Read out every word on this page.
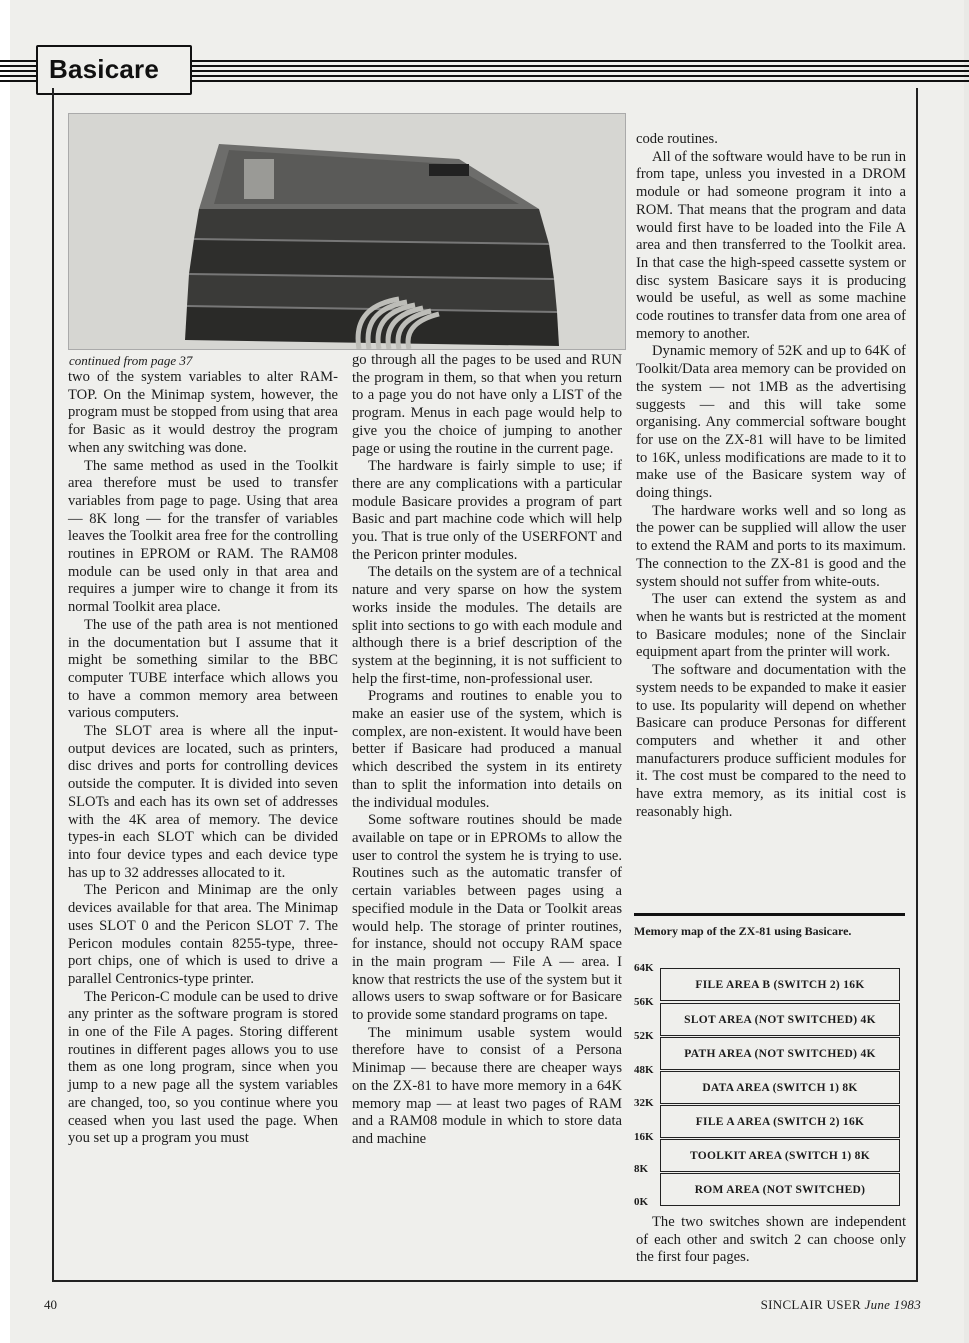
Basicare
continued from page 37

two of the system variables to alter RAM-TOP. On the Minimap system, however, the program must be stopped from using that area for Basic as it would destroy the program when any switching was done.

The same method as used in the Toolkit area therefore must be used to transfer variables from page to page. Using that area — 8K long — for the transfer of variables leaves the Toolkit area free for the controlling routines in EPROM or RAM. The RAM08 module can be used only in that area and requires a jumper wire to change it from its normal Toolkit area place.

The use of the path area is not mentioned in the documentation but I assume that it might be something similar to the BBC computer TUBE interface which allows you to have a common memory area between various computers.

The SLOT area is where all the input-output devices are located, such as printers, disc drives and ports for controlling devices outside the computer. It is divided into seven SLOTs and each has its own set of addresses with the 4K area of memory. The device types-in each SLOT which can be divided into four device types and each device type has up to 32 addresses allocated to it.

The Pericon and Minimap are the only devices available for that area. The Minimap uses SLOT 0 and the Pericon SLOT 7. The Pericon modules contain 8255-type, three-port chips, one of which is used to drive a parallel Centronics-type printer.

The Pericon-C module can be used to drive any printer as the software program is stored in one of the File A pages. Storing different routines in different pages allows you to use them as one long program, since when you jump to a new page all the system variables are changed, too, so you continue where you ceased when you last used the page. When you set up a program you must

go through all the pages to be used and RUN the program in them, so that when you return to a page you do not have only a LIST of the program. Menus in each page would help to give you the choice of jumping to another page or using the routine in the current page.

The hardware is fairly simple to use; if there are any complications with a particular module Basicare provides a program of part Basic and part machine code which will help you. That is true only of the USERFONT and the Pericon printer modules.

The details on the system are of a technical nature and very sparse on how the system works inside the modules. The details are split into sections to go with each module and although there is a brief description of the system at the beginning, it is not sufficient to help the first-time, non-professional user.

Programs and routines to enable you to make an easier use of the system, which is complex, are non-existent. It would have been better if Basicare had produced a manual which described the system in its entirety than to split the information into details on the individual modules.

Some software routines should be made available on tape or in EPROMs to allow the user to control the system he is trying to use. Routines such as the automatic transfer of certain variables between pages using a specified module in the Data or Toolkit areas would help. The storage of printer routines, for instance, should not occupy RAM space in the main program — File A — area. I know that restricts the use of the system but it allows users to swap software or for Basicare to provide some standard programs on tape.

The minimum usable system would therefore have to consist of a Persona Minimap — because there are cheaper ways on the ZX-81 to have more memory in a 64K memory map — at least two pages of RAM and a RAM08 module in which to store data and machine

code routines.

All of the software would have to be run in from tape, unless you invested in a DROM module or had someone program it into a ROM. That means that the program and data would first have to be loaded into the File A area and then transferred to the Toolkit area. In that case the high-speed cassette system or disc system Basicare says it is producing would be useful, as well as some machine code routines to transfer data from one area of memory to another.

Dynamic memory of 52K and up to 64K of Toolkit/Data area memory can be provided on the system — not 1MB as the advertising suggests — and this will take some organising. Any commercial software bought for use on the ZX-81 will have to be limited to 16K, unless modifications are made to it to make use of the Basicare system way of doing things.

The hardware works well and so long as the power can be supplied will allow the user to extend the RAM and ports to its maximum. The connection to the ZX-81 is good and the system should not suffer from white-outs.

The user can extend the system as and when he wants but is restricted at the moment to Basicare modules; none of the Sinclair equipment apart from the printer will work.

The software and documentation with the system needs to be expanded to make it easier to use. Its popularity will depend on whether Basicare can produce Personas for different computers and whether it and other manufacturers produce sufficient modules for it. The cost must be compared to the need to have extra memory, as its initial cost is reasonably high.

Memory map of the ZX-81 using Basicare.
64K
56K
52K
48K
32K
16K
8K
0K
FILE AREA B (SWITCH 2) 16K
SLOT AREA (NOT SWITCHED) 4K
PATH AREA (NOT SWITCHED) 4K
DATA AREA (SWITCH 1) 8K
FILE A AREA (SWITCH 2) 16K
TOOLKIT AREA (SWITCH 1) 8K
ROM AREA (NOT SWITCHED)

The two switches shown are independent of each other and switch 2 can choose only the first four pages.

40	SINCLAIR USER June 1983
